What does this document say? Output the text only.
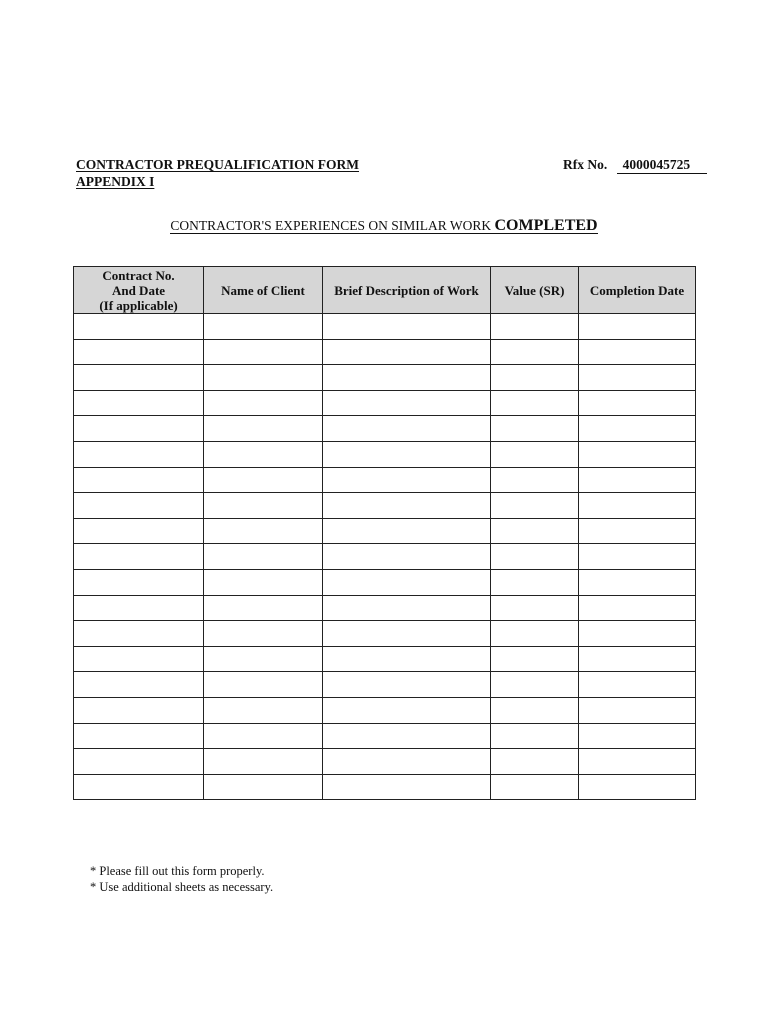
CONTRACTOR PREQUALIFICATION FORM
APPENDIX I
Rfx No. 4000045725
CONTRACTOR'S EXPERIENCES ON SIMILAR WORK COMPLETED
Contract No.
And Date
(If applicable)	Name of Client	Brief Description of Work	Value (SR)	Completion Date

* Please fill out this form properly.
* Use additional sheets as necessary.
